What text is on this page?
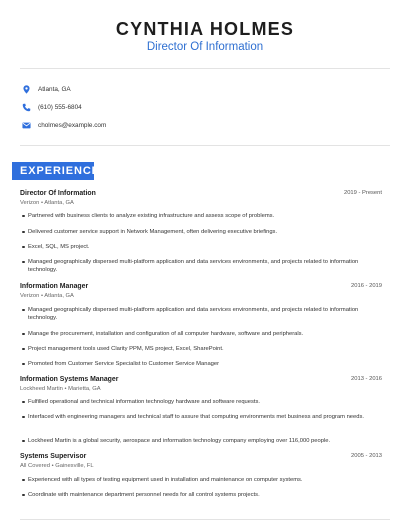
CYNTHIA HOLMES
Director Of Information
Atlanta, GA
(610) 555-6804
cholmes@example.com
EXPERIENCE
Director Of Information	2019 - Present
Verizon • Atlanta, GA
Partnered with business clients to analyze existing infrastructure and assess scope of problems.
Delivered customer service support in Network Management, often delivering executive briefings.
Excel, SQL, MS project.
Managed geographically dispersed multi-platform application and data services environments, and projects related to information technology.
Information Manager	2016 - 2019
Verizon • Atlanta, GA
Managed geographically dispersed multi-platform application and data services environments, and projects related to information technology.
Manage the procurement, installation and configuration of all computer hardware, software and peripherals.
Project management tools used Clarity PPM, MS project, Excel, SharePoint.
Promoted from Customer Service Specialist to Customer Service Manager
Information Systems Manager	2013 - 2016
Lockheed Martin • Marietta, GA
Fulfilled operational and technical information technology hardware and software requests.
Interfaced with engineering managers and technical staff to assure that computing environments met business and program needs.
Lockheed Martin is a global security, aerospace and information technology company employing over 116,000 people.
Systems Supervisor	2005 - 2013
All Covered • Gainesville, FL
Experienced with all types of testing equipment used in installation and maintenance on computer systems.
Coordinate with maintenance department personnel needs for all control systems projects.
